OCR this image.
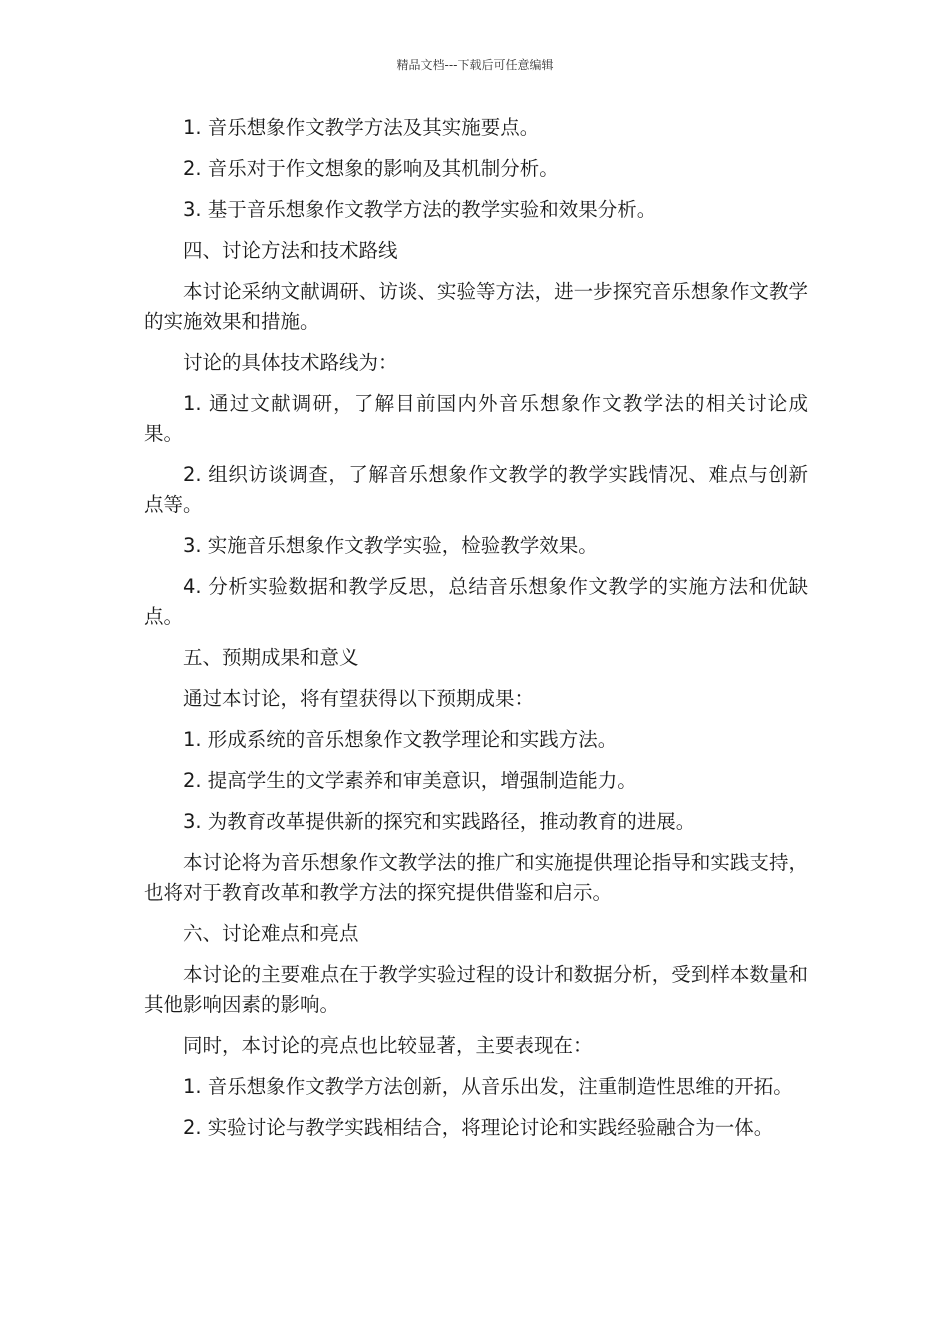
精品文档---下载后可任意编辑

1. 音乐想象作文教学方法及其实施要点。

2. 音乐对于作文想象的影响及其机制分析。

3. 基于音乐想象作文教学方法的教学实验和效果分析。

四、讨论方法和技术路线

本讨论采纳文献调研、访谈、实验等方法，进一步探究音乐想象作文教学的实施效果和措施。

讨论的具体技术路线为：

1. 通过文献调研，了解目前国内外音乐想象作文教学法的相关讨论成果。

2. 组织访谈调查，了解音乐想象作文教学的教学实践情况、难点与创新点等。

3. 实施音乐想象作文教学实验，检验教学效果。

4. 分析实验数据和教学反思，总结音乐想象作文教学的实施方法和优缺点。

五、预期成果和意义

通过本讨论，将有望获得以下预期成果：

1. 形成系统的音乐想象作文教学理论和实践方法。

2. 提高学生的文学素养和审美意识，增强制造能力。

3. 为教育改革提供新的探究和实践路径，推动教育的进展。

本讨论将为音乐想象作文教学法的推广和实施提供理论指导和实践支持，也将对于教育改革和教学方法的探究提供借鉴和启示。

六、讨论难点和亮点

本讨论的主要难点在于教学实验过程的设计和数据分析，受到样本数量和其他影响因素的影响。

同时，本讨论的亮点也比较显著，主要表现在：

1. 音乐想象作文教学方法创新，从音乐出发，注重制造性思维的开拓。

2. 实验讨论与教学实践相结合，将理论讨论和实践经验融合为一体。
